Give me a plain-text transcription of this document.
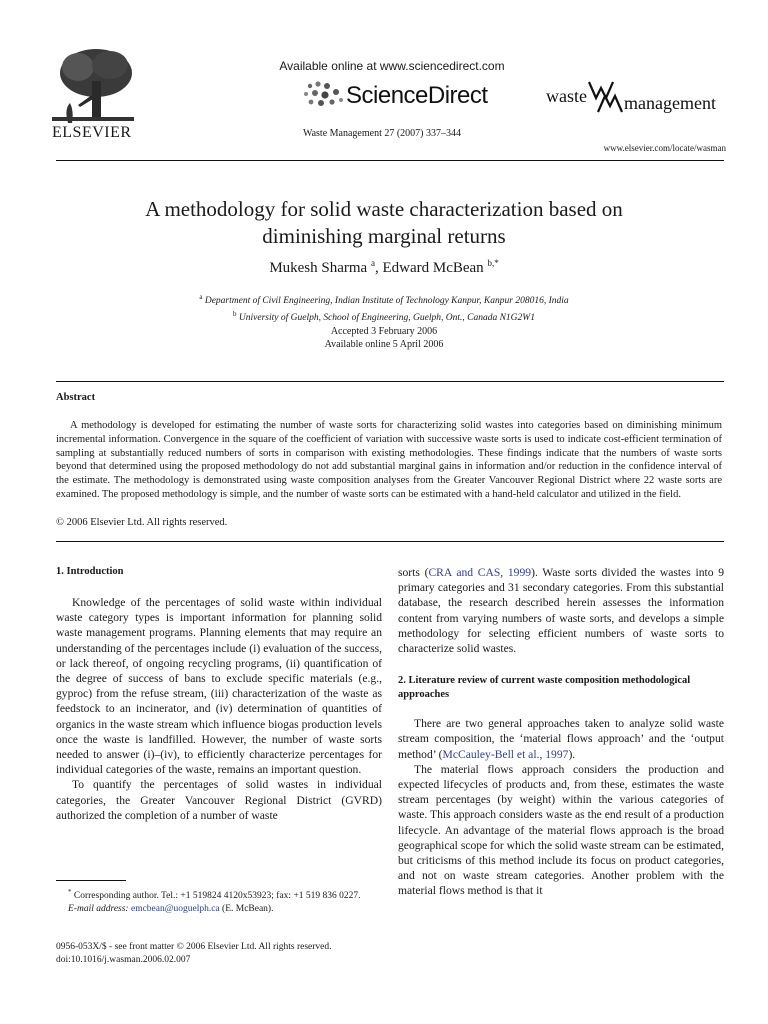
ELSEVIER
Available online at www.sciencedirect.com
ScienceDirect
Waste Management 27 (2007) 337–344
waste management
www.elsevier.com/locate/wasman
A methodology for solid waste characterization based on
diminishing marginal returns
Mukesh Sharma $^a$, Edward McBean $^{b,*}$
$^a$ Department of Civil Engineering, Indian Institute of Technology Kanpur, Kanpur 208016, India
$^b$ University of Guelph, School of Engineering, Guelph, Ont., Canada N1G2W1
Accepted 3 February 2006
Available online 5 April 2006
Abstract
A methodology is developed for estimating the number of waste sorts for characterizing solid wastes into categories based on diminishing minimum incremental information. Convergence in the square of the coefficient of variation with successive waste sorts is used to indicate cost-efficient termination of sampling at substantially reduced numbers of sorts in comparison with existing methodologies. These findings indicate that the numbers of waste sorts beyond that determined using the proposed methodology do not add substantial marginal gains in information and/or reduction in the confidence interval of the estimate. The methodology is demonstrated using waste composition analyses from the Greater Vancouver Regional District where 22 waste sorts are examined. The proposed methodology is simple, and the number of waste sorts can be estimated with a hand-held calculator and utilized in the field.
© 2006 Elsevier Ltd. All rights reserved.
1. Introduction

Knowledge of the percentages of solid waste within individual waste category types is important information for planning solid waste management programs. Planning elements that may require an understanding of the percentages include (i) evaluation of the success, or lack thereof, of ongoing recycling programs, (ii) quantification of the degree of success of bans to exclude specific materials (e.g., gyproc) from the refuse stream, (iii) characterization of the waste as feedstock to an incinerator, and (iv) determination of quantities of organics in the waste stream which influence biogas production levels once the waste is landfilled. However, the number of waste sorts needed to answer (i)–(iv), to efficiently characterize percentages for individual categories of the waste, remains an important question.

To quantify the percentages of solid wastes in individual categories, the Greater Vancouver Regional District (GVRD) authorized the completion of a number of waste

sorts (CRA and CAS, 1999). Waste sorts divided the wastes into 9 primary categories and 31 secondary categories. From this substantial database, the research described herein assesses the information content from varying numbers of waste sorts, and develops a simple methodology for selecting efficient numbers of waste sorts to characterize solid wastes.

2. Literature review of current waste composition methodological approaches

There are two general approaches taken to analyze solid waste stream composition, the ‘material flows approach’ and the ‘output method’ (McCauley-Bell et al., 1997).

The material flows approach considers the production and expected lifecycles of products and, from these, estimates the waste stream percentages (by weight) within the various categories of waste. This approach considers waste as the end result of a production lifecycle. An advantage of the material flows approach is the broad geographical scope for which the solid waste stream can be estimated, but criticisms of this method include its focus on product categories, and not on waste stream categories. Another problem with the material flows method is that it

* Corresponding author. Tel.: +1 519824 4120x53923; fax: +1 519 836 0227.
E-mail address: emcbean@uoguelph.ca (E. McBean).
0956-053X/$ - see front matter © 2006 Elsevier Ltd. All rights reserved.
doi:10.1016/j.wasman.2006.02.007
